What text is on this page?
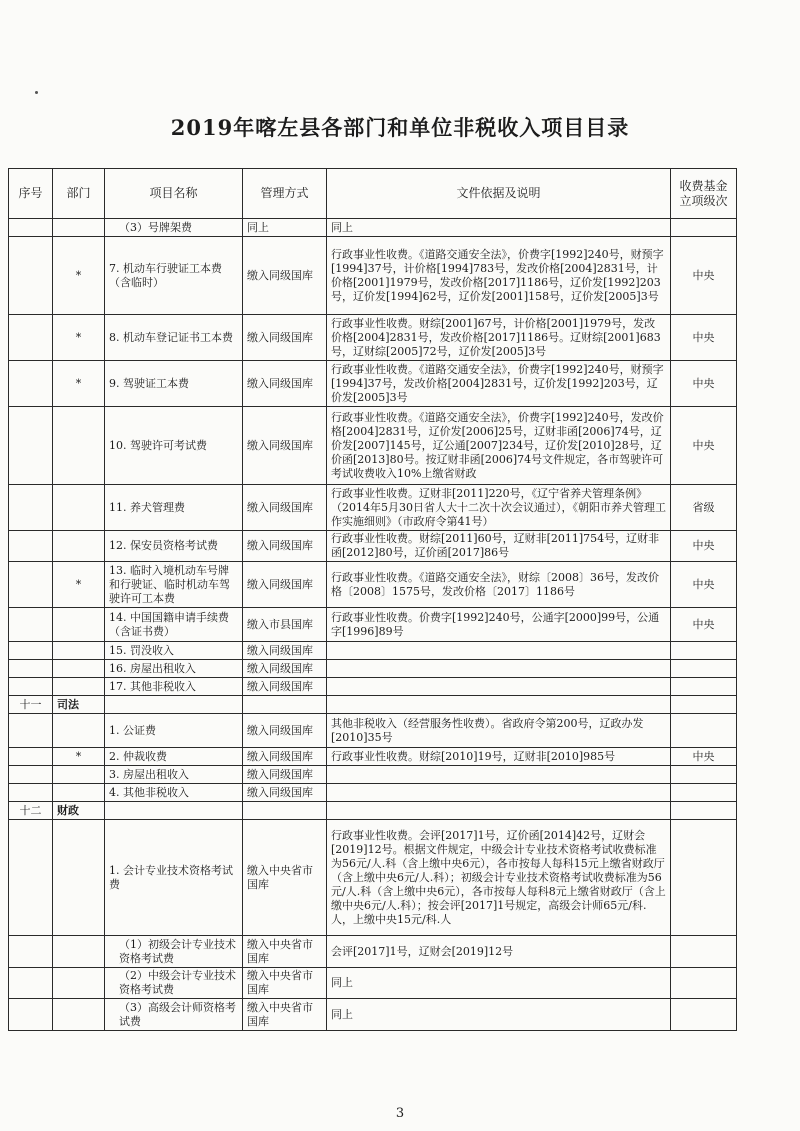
2019年喀左县各部门和单位非税收入项目目录
序号	部门	项目名称	管理方式	文件依据及说明	收费基金立项级次
		（3）号牌架费	同上	同上	
	*	7. 机动车行驶证工本费（含临时）	缴入同级国库	行政事业性收费。《道路交通安全法》，价费字[1992]240号，财预字[1994]37号，计价格[1994]783号，发改价格[2004]2831号，计价格[2001]1979号，发改价格[2017]1186号，辽价发[1992]203号，辽价发[1994]62号，辽价发[2001]158号，辽价发[2005]3号	中央
	*	8. 机动车登记证书工本费	缴入同级国库	行政事业性收费。财综[2001]67号，计价格[2001]1979号，发改价格[2004]2831号，发改价格[2017]1186号。辽财综[2001]683号，辽财综[2005]72号，辽价发[2005]3号	中央
	*	9. 驾驶证工本费	缴入同级国库	行政事业性收费。《道路交通安全法》，价费字[1992]240号，财预字[1994]37号，发改价格[2004]2831号，辽价发[1992]203号，辽价发[2005]3号	中央
		10. 驾驶许可考试费	缴入同级国库	行政事业性收费。《道路交通安全法》，价费字[1992]240号，发改价格[2004]2831号，辽价发[2006]25号，辽财非函[2006]74号，辽价发[2007]145号，辽公通[2007]234号，辽价发[2010]28号，辽价函[2013]80号。按辽财非函[2006]74号文件规定，各市驾驶许可考试收费收入10%上缴省财政	中央
		11. 养犬管理费	缴入同级国库	行政事业性收费。辽财非[2011]220号，《辽宁省养犬管理条例》（2014年5月30日省人大十二次十次会议通过），《朝阳市养犬管理工作实施细则》（市政府令第41号）	省级
		12. 保安员资格考试费	缴入同级国库	行政事业性收费。财综[2011]60号，辽财非[2011]754号，辽财非函[2012]80号，辽价函[2017]86号	中央
	*	13. 临时入境机动车号牌和行驶证、临时机动车驾驶许可工本费	缴入同级国库	行政事业性收费。《道路交通安全法》，财综〔2008〕36号，发改价格〔2008〕1575号，发改价格〔2017〕1186号	中央
		14. 中国国籍申请手续费（含证书费）	缴入市县国库	行政事业性收费。价费字[1992]240号，公通字[2000]99号，公通字[1996]89号	中央
		15. 罚没收入	缴入同级国库		
		16. 房屋出租收入	缴入同级国库		
		17. 其他非税收入	缴入同级国库		
十一	司法				
		1. 公证费	缴入同级国库	其他非税收入（经营服务性收费）。省政府令第200号，辽政办发[2010]35号	
	*	2. 仲裁收费	缴入同级国库	行政事业性收费。财综[2010]19号，辽财非[2010]985号	中央
		3. 房屋出租收入	缴入同级国库		
		4. 其他非税收入	缴入同级国库		
十二	财政				
		1. 会计专业技术资格考试费	缴入中央省市国库	行政事业性收费。会评[2017]1号，辽价函[2014]42号，辽财会[2019]12号。根据文件规定，中级会计专业技术资格考试收费标准为56元/人.科（含上缴中央6元），各市按每人每科15元上缴省财政厅（含上缴中央6元/人.科）；初级会计专业技术资格考试收费标准为56元/人.科（含上缴中央6元），各市按每人每科8元上缴省财政厅（含上缴中央6元/人.科）；按会评[2017]1号规定，高级会计师65元/科.人，上缴中央15元/科.人	
		（1）初级会计专业技术资格考试费	缴入中央省市国库	会评[2017]1号，辽财会[2019]12号	
		（2）中级会计专业技术资格考试费	缴入中央省市国库	同上	
		（3）高级会计师资格考试费	缴入中央省市国库	同上	
3
